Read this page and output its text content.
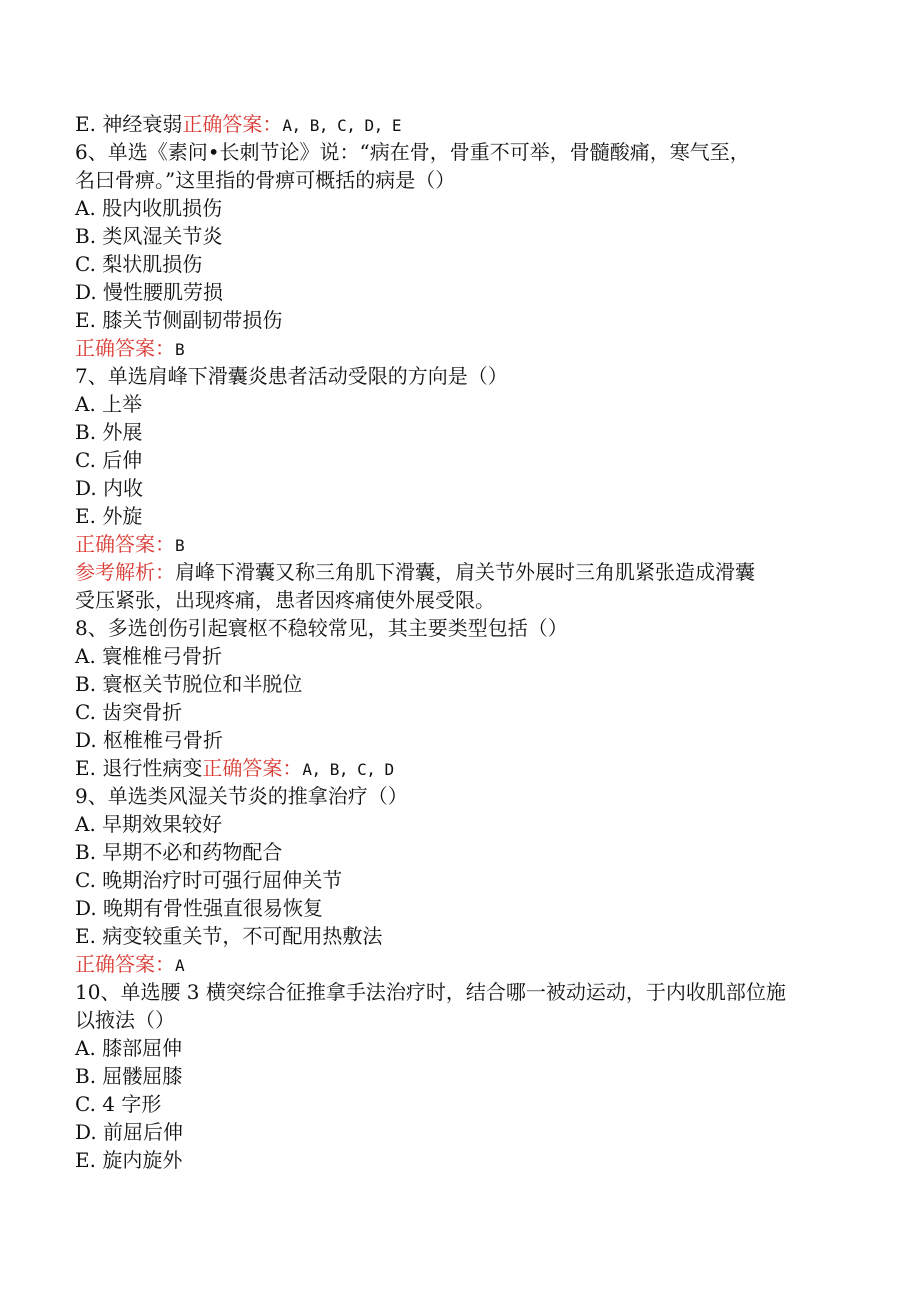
E. 神经衰弱正确答案：A, B, C, D, E
6、单选《素问•长刺节论》说：“病在骨，骨重不可举，骨髓酸痛，寒气至，
名曰骨痹。”这里指的骨痹可概括的病是（）
A. 股内收肌损伤
B. 类风湿关节炎
C. 梨状肌损伤
D. 慢性腰肌劳损
E. 膝关节侧副韧带损伤
正确答案：B
7、单选肩峰下滑囊炎患者活动受限的方向是（）
A. 上举
B. 外展
C. 后伸
D. 内收
E. 外旋
正确答案：B
参考解析：肩峰下滑囊又称三角肌下滑囊，肩关节外展时三角肌紧张造成滑囊
受压紧张，出现疼痛，患者因疼痛使外展受限。
8、多选创伤引起寰枢不稳较常见，其主要类型包括（）
A. 寰椎椎弓骨折
B. 寰枢关节脱位和半脱位
C. 齿突骨折
D. 枢椎椎弓骨折
E. 退行性病变正确答案：A, B, C, D
9、单选类风湿关节炎的推拿治疗（）
A. 早期效果较好
B. 早期不必和药物配合
C. 晚期治疗时可强行屈伸关节
D. 晚期有骨性强直很易恢复
E. 病变较重关节，不可配用热敷法
正确答案：A
10、单选腰 3 横突综合征推拿手法治疗时，结合哪一被动运动，于内收肌部位施
以掖法（）
A. 膝部屈伸
B. 屈髅屈膝
C. 4 字形
D. 前屈后伸
E. 旋内旋外
